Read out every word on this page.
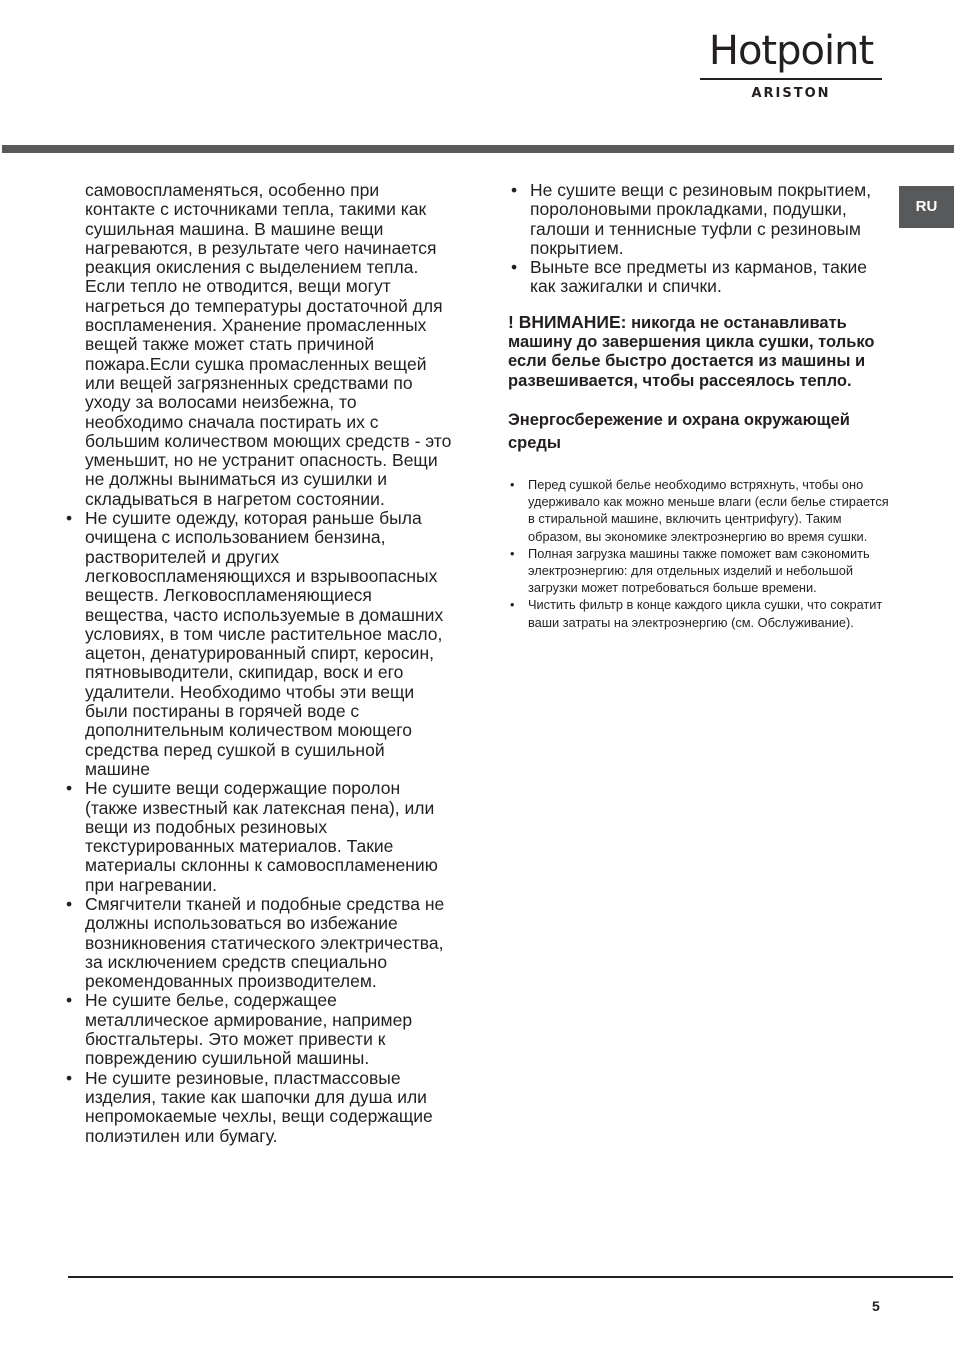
Hotpoint
ARISTON
RU

самовоспламеняться, особенно при контакте с источниками тепла, такими как сушильная машина. В машине вещи нагреваются, в результате чего начинается реакция окисления с выделением тепла. Если тепло не отводится, вещи могут нагреться до температуры достаточной для воспламенения. Хранение промасленных вещей также может стать причиной пожара.Если сушка промасленных вещей или вещей загрязненных средствами по уходу за волосами неизбежна, то необходимо сначала постирать их с большим количеством моющих средств - это уменьшит, но не устранит опасность. Вещи не должны выниматься из сушилки и складываться в нагретом состоянии.

• Не сушите одежду, которая раньше была очищена с использованием бензина, растворителей и других легковоспламеняющихся и взрывоопасных веществ. Легковоспламеняющиеся вещества, часто используемые в домашних условиях, в том числе растительное масло, ацетон, денатурированный спирт, керосин, пятновыводители, скипидар, воск и его удалители. Необходимо чтобы эти вещи были постираны в горячей воде с дополнительным количеством моющего средства перед сушкой в сушильной машине
• Не сушите вещи содержащие поролон (также известный как латексная пена), или вещи из подобных резиновых текстурированных материалов. Такие материалы склонны к самовоспламенению при нагревании.
• Смягчители тканей и подобные средства не должны использоваться во избежание возникновения статического электричества, за исключением средств специально рекомендованных производителем.
• Не сушите белье, содержащее металлическое армирование, например бюстгальтеры. Это может привести к повреждению сушильной машины.
• Не сушите резиновые, пластмассовые изделия, такие как шапочки для душа или непромокаемые чехлы, вещи содержащие полиэтилен или бумагу.
• Не сушите вещи с резиновым покрытием, поролоновыми прокладками, подушки, галоши и теннисные туфли с резиновым покрытием.
• Выньте все предметы из карманов, такие как зажигалки и спички.

! ВНИМАНИЕ: никогда не останавливать машину до завершения цикла сушки, только если белье быстро достается из машины и развешивается, чтобы рассеялось тепло.

Энергосбережение и охрана окружающей среды
• Перед сушкой белье необходимо встряхнуть, чтобы оно удерживало как можно меньше влаги (если белье стирается в стиральной машине, включить центрифугу). Таким образом, вы экономике электроэнергию во время сушки.
• Полная загрузка машины также поможет вам сэкономить электроэнергию: для отдельных изделий и небольшой загрузки может потребоваться больше времени.
• Чистить фильтр в конце каждого цикла сушки, что сократит ваши затраты на электроэнергию (см. Обслуживание).
5
